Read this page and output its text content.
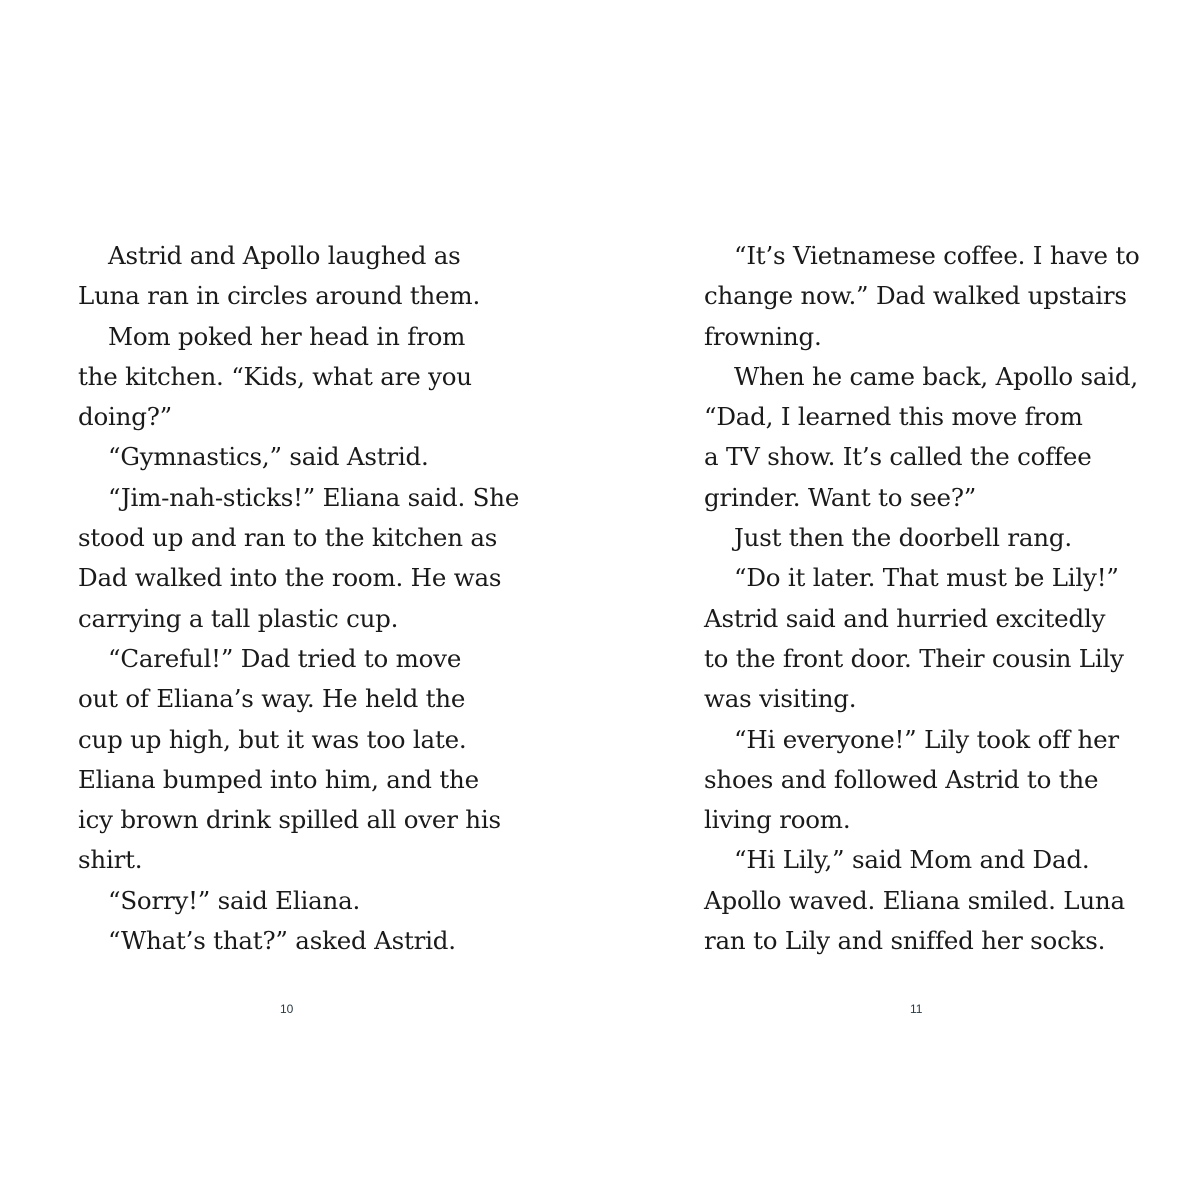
Astrid and Apollo laughed as
Luna ran in circles around them.
Mom poked her head in from
the kitchen. “Kids, what are you
doing?”
“Gymnastics,” said Astrid.
“Jim-nah-sticks!” Eliana said. She
stood up and ran to the kitchen as
Dad walked into the room. He was
carrying a tall plastic cup.
“Careful!” Dad tried to move
out of Eliana’s way. He held the
cup up high, but it was too late.
Eliana bumped into him, and the
icy brown drink spilled all over his
shirt.
“Sorry!” said Eliana.
“What’s that?” asked Astrid.
10
“It’s Vietnamese coffee. I have to
change now.” Dad walked upstairs
frowning.
When he came back, Apollo said,
“Dad, I learned this move from
a TV show. It’s called the coffee
grinder. Want to see?”
Just then the doorbell rang.
“Do it later. That must be Lily!”
Astrid said and hurried excitedly
to the front door. Their cousin Lily
was visiting.
“Hi everyone!” Lily took off her
shoes and followed Astrid to the
living room.
“Hi Lily,” said Mom and Dad.
Apollo waved. Eliana smiled. Luna
ran to Lily and sniffed her socks.
11
